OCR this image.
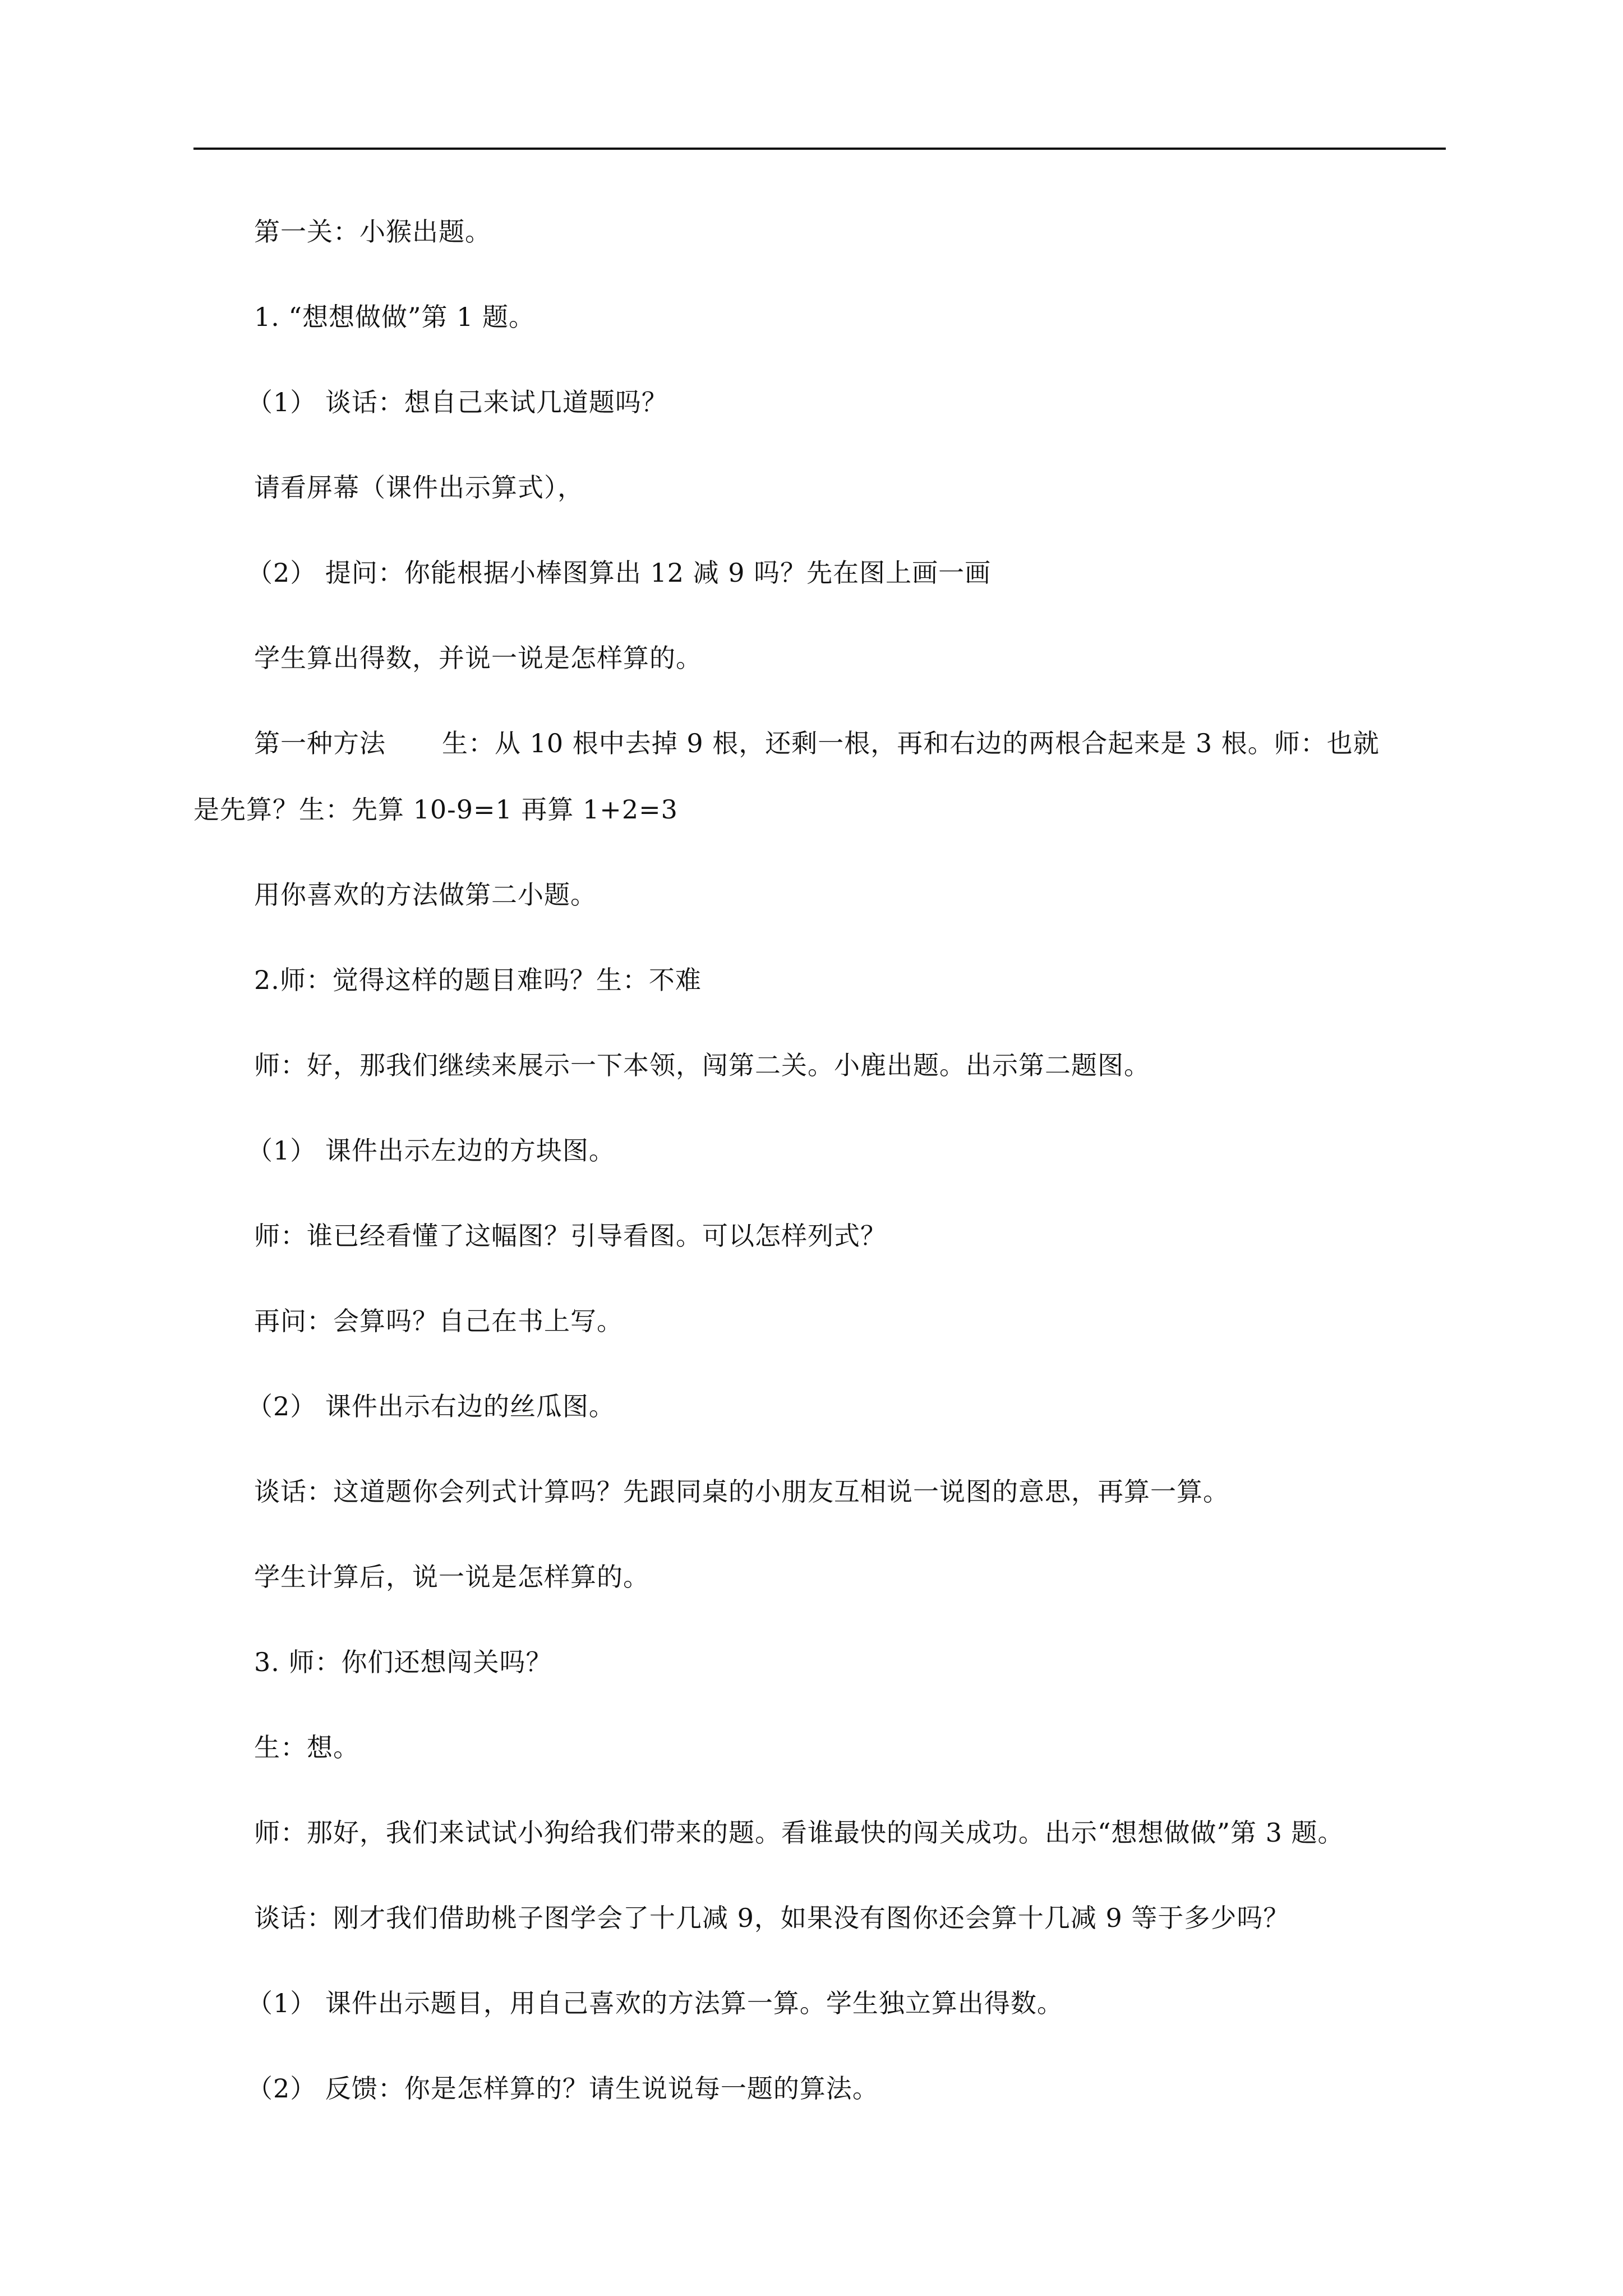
第一关：小猴出题。
1. “想想做做”第 1 题。
（1） 谈话：想自己来试几道题吗？
请看屏幕（课件出示算式），
（2） 提问：你能根据小棒图算出 12 减 9 吗？先在图上画一画
学生算出得数，并说一说是怎样算的。
第一种方法 生：从 10 根中去掉 9 根，还剩一根，再和右边的两根合起来是 3 根。师：也就
是先算？生：先算 10-9=1 再算 1+2=3
用你喜欢的方法做第二小题。
2.师：觉得这样的题目难吗？生：不难
师：好，那我们继续来展示一下本领，闯第二关。小鹿出题。出示第二题图。
（1） 课件出示左边的方块图。
师：谁已经看懂了这幅图？引导看图。可以怎样列式？
再问：会算吗？自己在书上写。
（2） 课件出示右边的丝瓜图。
谈话：这道题你会列式计算吗？先跟同桌的小朋友互相说一说图的意思，再算一算。
学生计算后，说一说是怎样算的。
3. 师：你们还想闯关吗？
生：想。
师：那好，我们来试试小狗给我们带来的题。看谁最快的闯关成功。出示“想想做做”第 3 题。
谈话：刚才我们借助桃子图学会了十几减 9，如果没有图你还会算十几减 9 等于多少吗？
（1） 课件出示题目，用自己喜欢的方法算一算。学生独立算出得数。
（2） 反馈：你是怎样算的？请生说说每一题的算法。
